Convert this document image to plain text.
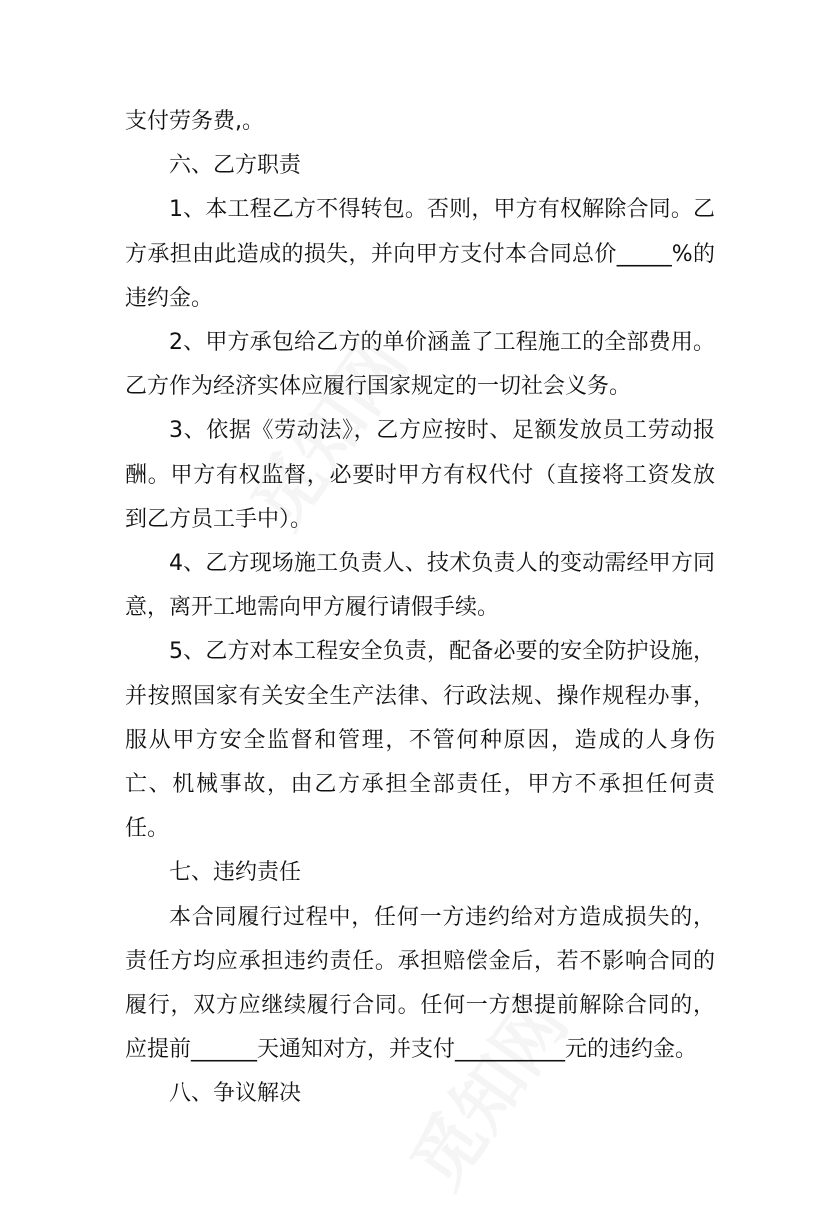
支付劳务费,。

六、乙方职责

1、本工程乙方不得转包。否则，甲方有权解除合同。乙方承担由此造成的损失，并向甲方支付本合同总价_____%的违约金。

2、甲方承包给乙方的单价涵盖了工程施工的全部费用。乙方作为经济实体应履行国家规定的一切社会义务。

3、依据《劳动法》，乙方应按时、足额发放员工劳动报酬。甲方有权监督，必要时甲方有权代付（直接将工资发放到乙方员工手中）。

4、乙方现场施工负责人、技术负责人的变动需经甲方同意，离开工地需向甲方履行请假手续。

5、乙方对本工程安全负责，配备必要的安全防护设施，并按照国家有关安全生产法律、行政法规、操作规程办事，服从甲方安全监督和管理，不管何种原因，造成的人身伤亡、机械事故，由乙方承担全部责任，甲方不承担任何责任。

七、违约责任

本合同履行过程中，任何一方违约给对方造成损失的，责任方均应承担违约责任。承担赔偿金后，若不影响合同的履行，双方应继续履行合同。任何一方想提前解除合同的，应提前______天通知对方，并支付__________元的违约金。

八、争议解决
